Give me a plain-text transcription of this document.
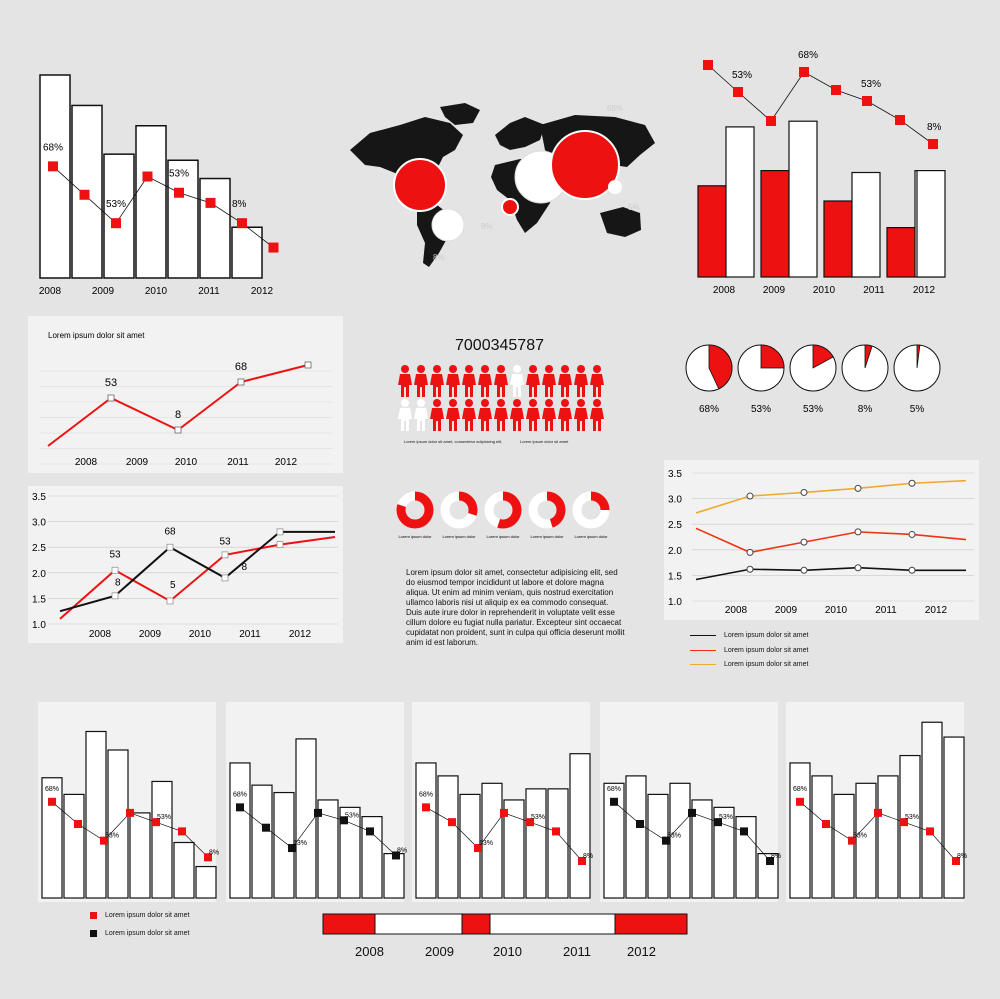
68%
53%
53%
8%
2008	2009	2010	2011	2012
68%
8%
8%
5%
53%
68%
53%
8%
2008	2009	2010	2011	2012
Lorem ipsum dolor sit amet
53
8
68
2008	2009	2010	2011	2012
7000345787
Lorem ipsum dolor sit amet, consectetur adipisicing elit,	Lorem ipsum dolor sit amet
68%	53%	53%	8%	5%
3.5
3.0
2.5
2.0
1.5
1.0
53
8
68
5
53
8
2008	2009	2010	2011	2012
Lorem ipsum dolor	Lorem ipsum dolor	Lorem ipsum dolor	Lorem ipsum dolor	Lorem ipsum dolor
Lorem ipsum dolor sit amet, consectetur adipisicing elit, sed do eiusmod tempor incididunt ut labore et dolore magna aliqua. Ut enim ad minim veniam, quis nostrud exercitation ullamco laboris nisi ut aliquip ex ea commodo consequat. Duis aute irure dolor in reprehenderit in voluptate velit esse cillum dolore eu fugiat nulla pariatur. Excepteur sint occaecat cupidatat non proident, sunt in culpa qui officia deserunt mollit anim id est laborum.
3.5
3.0
2.5
2.0
1.5
1.0
2008	2009	2010	2011	2012
Lorem ipsum dolor sit amet
Lorem ipsum dolor sit amet
Lorem ipsum dolor sit amet
68%
53%
53%
8%
68%
53%
53%
8%
68%
53%
53%
8%
68%
53%
53%
8%
68%
53%
53%
8%
Lorem ipsum dolor sit amet
Lorem ipsum dolor sit amet
2008	2009	2010	2011	2012
